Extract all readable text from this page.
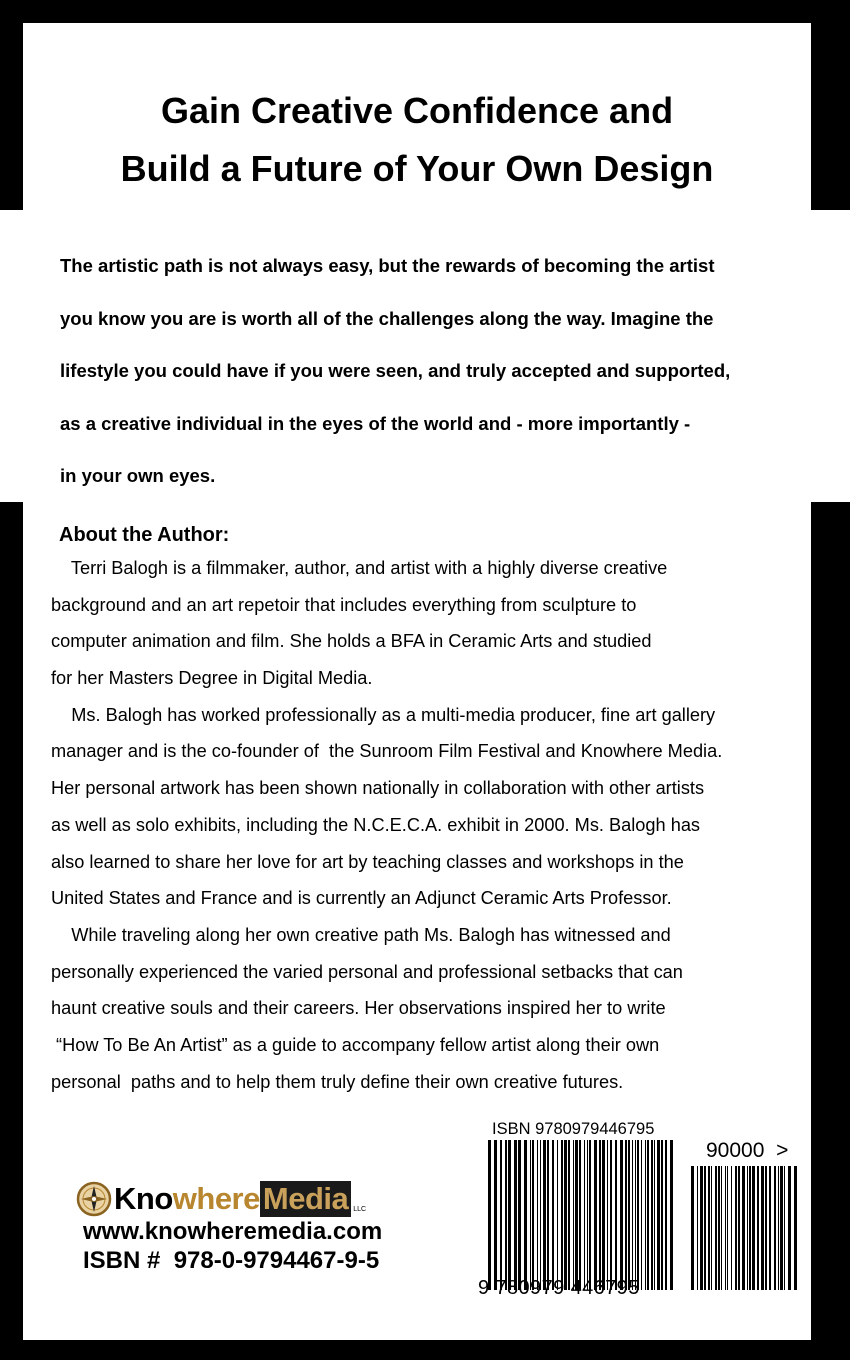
Gain Creative Confidence and
Build a Future of Your Own Design
The artistic path is not always easy, but the rewards of becoming the artist
you know you are is worth all of the challenges along the way. Imagine the
lifestyle you could have if you were seen, and truly accepted and supported,
as a creative individual in the eyes of the world and - more importantly -
in your own eyes.
About the Author:
Terri Balogh is a filmmaker, author, and artist with a highly diverse creative
background and an art repetoir that includes everything from sculpture to
computer animation and film. She holds a BFA in Ceramic Arts and studied
for her Masters Degree in Digital Media.
Ms. Balogh has worked professionally as a multi-media producer, fine art gallery
manager and is the co-founder of  the Sunroom Film Festival and Knowhere Media.
Her personal artwork has been shown nationally in collaboration with other artists
as well as solo exhibits, including the N.C.E.C.A. exhibit in 2000. Ms. Balogh has
also learned to share her love for art by teaching classes and workshops in the
United States and France and is currently an Adjunct Ceramic Arts Professor.
While traveling along her own creative path Ms. Balogh has witnessed and
personally experienced the varied personal and professional setbacks that can
haunt creative souls and their careers. Her observations inspired her to write
“How To Be An Artist” as a guide to accompany fellow artist along their own
personal  paths and to help them truly define their own creative futures.
Kno where Media LLC
www.knowheremedia.com
ISBN #  978-0-9794467-9-5
ISBN 9780979446795
90000  >
9 780979 446795
